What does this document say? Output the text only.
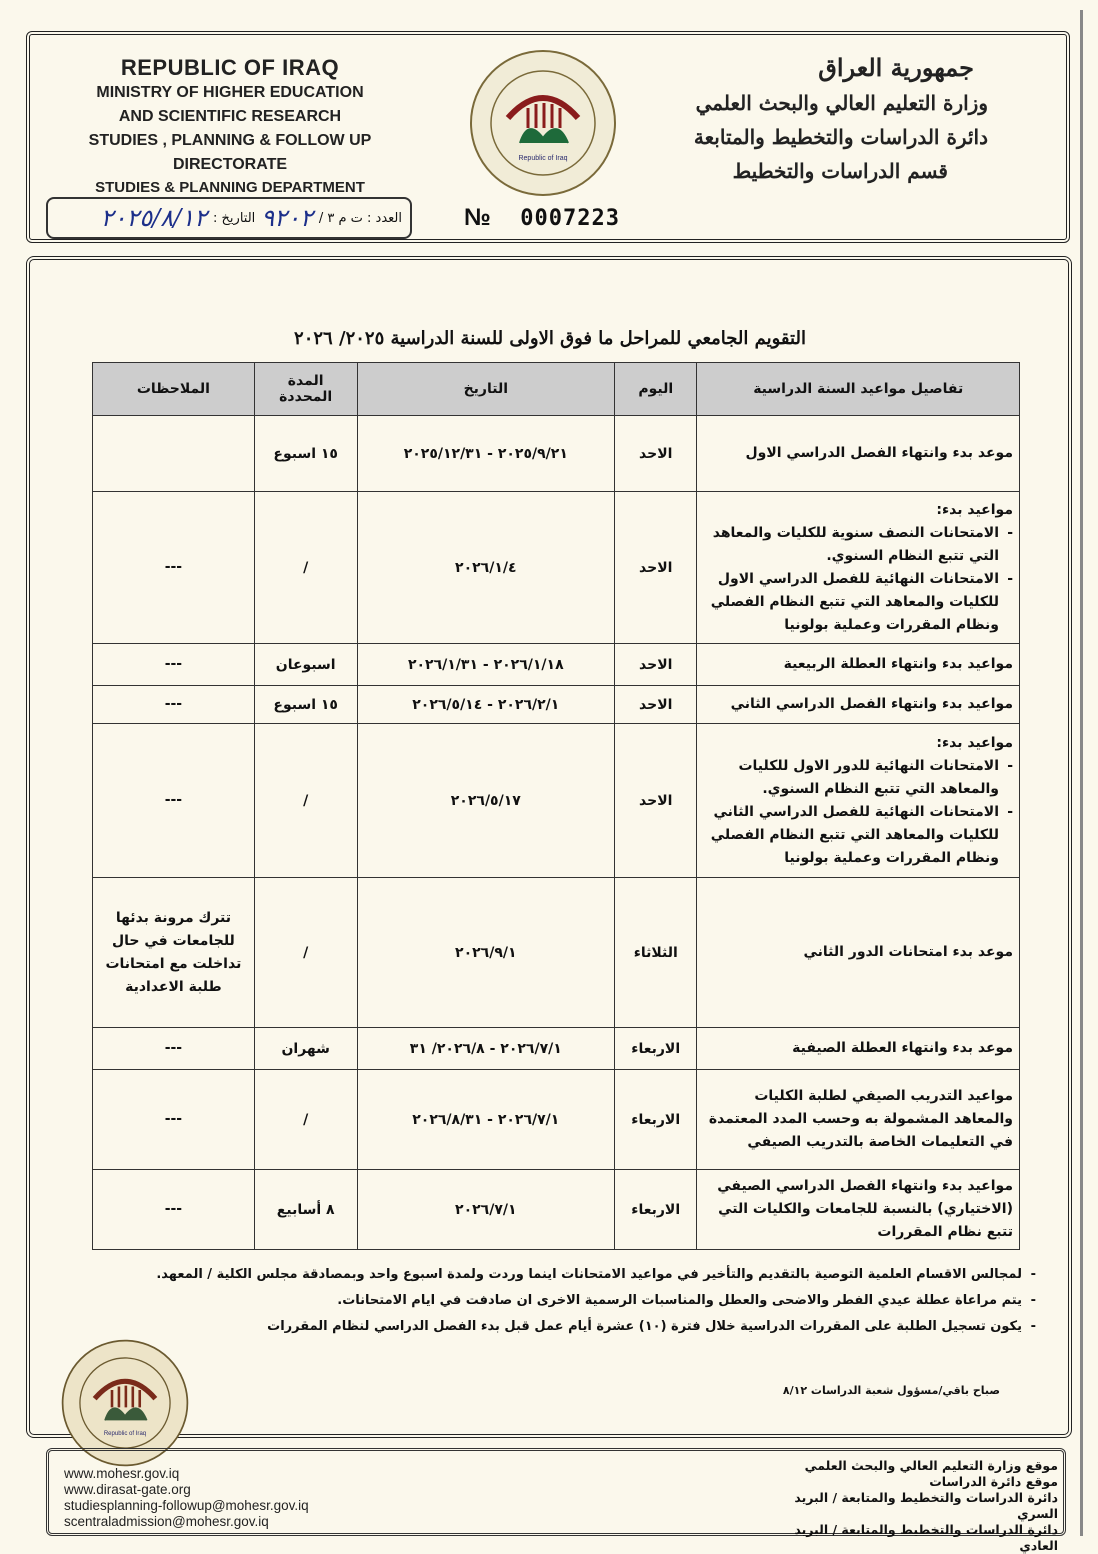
REPUBLIC OF IRAQ
MINISTRY OF HIGHER EDUCATION
AND SCIENTIFIC RESEARCH
STUDIES , PLANNING & FOLLOW UP DIRECTORATE
STUDIES & PLANNING DEPARTMENT
جمهورية العراق
وزارة التعليم العالي والبحث العلمي
دائرة الدراسات والتخطيط والمتابعة
قسم الدراسات والتخطيط
Republic of Iraq
العدد : ت م ٣ /
٩٢٠٢
التاريخ :
٢٠٢٥/٨/١٢	№ 0007223
التقويم الجامعي للمراحل ما فوق الاولى للسنة الدراسية ٢٠٢٥/ ٢٠٢٦
تفاصيل مواعيد السنة الدراسية	اليوم	التاريخ	المدة المحددة	الملاحظات
موعد بدء وانتهاء الفصل الدراسي الاول	الاحد	٢٠٢٥/٩/٢١ - ٢٠٢٥/١٢/٣١	١٥ اسبوع	

مواعيد بدء:
- الامتحانات النصف سنوية للكليات والمعاهد التي تتبع النظام السنوي.
- الامتحانات النهائية للفصل الدراسي الاول للكليات والمعاهد التي تتبع النظام الفصلي ونظام المقررات وعملية بولونيا	الاحد	٢٠٢٦/١/٤	/	---
مواعيد بدء وانتهاء العطلة الربيعية	الاحد	٢٠٢٦/١/١٨ - ٢٠٢٦/١/٣١	اسبوعان	---
مواعيد بدء وانتهاء الفصل الدراسي الثاني	الاحد	٢٠٢٦/٢/١ - ٢٠٢٦/٥/١٤	١٥ اسبوع	---

مواعيد بدء:
- الامتحانات النهائية للدور الاول للكليات والمعاهد التي تتبع النظام السنوي.
- الامتحانات النهائية للفصل الدراسي الثاني للكليات والمعاهد التي تتبع النظام الفصلي ونظام المقررات وعملية بولونيا	الاحد	٢٠٢٦/٥/١٧	/	---
موعد بدء امتحانات الدور الثاني	الثلاثاء	٢٠٢٦/٩/١	/	تترك مرونة بدئها للجامعات في حال تداخلت مع امتحانات طلبة الاعدادية
موعد بدء وانتهاء العطلة الصيفية	الاربعاء	٢٠٢٦/٧/١ - ٢٠٢٦/٨/ ٣١	شهران	---
مواعيد التدريب الصيفي لطلبة الكليات والمعاهد المشمولة به وحسب المدد المعتمدة في التعليمات الخاصة بالتدريب الصيفي	الاربعاء	٢٠٢٦/٧/١ - ٢٠٢٦/٨/٣١	/	---
مواعيد بدء وانتهاء الفصل الدراسي الصيفي (الاختياري) بالنسبة للجامعات والكليات التي تتبع نظام المقررات	الاربعاء	٢٠٢٦/٧/١	٨ أسابيع	---
- لمجالس الاقسام العلمية التوصية بالتقديم والتأخير في مواعيد الامتحانات اينما وردت ولمدة اسبوع واحد وبمصادقة مجلس الكلية / المعهد.
- يتم مراعاة عطلة عيدي الفطر والاضحى والعطل والمناسبات الرسمية الاخرى ان صادفت في ايام الامتحانات.
- يكون تسجيل الطلبة على المقررات الدراسية خلال فترة (١٠) عشرة أيام عمل قبل بدء الفصل الدراسي لنظام المقررات
Republic of Iraq
صباح باقي/مسؤول شعبة الدراسات ٨/١٢
www.mohesr.gov.iq
www.dirasat-gate.org
studiesplanning-followup@mohesr.gov.iq
scentraladmission@mohesr.gov.iq
موقع وزارة التعليم العالي والبحث العلمي
موقع دائرة الدراسات
دائرة الدراسات والتخطيط والمتابعة / البريد السري
دائرة الدراسات والتخطيط والمتابعة / البريد العادي
